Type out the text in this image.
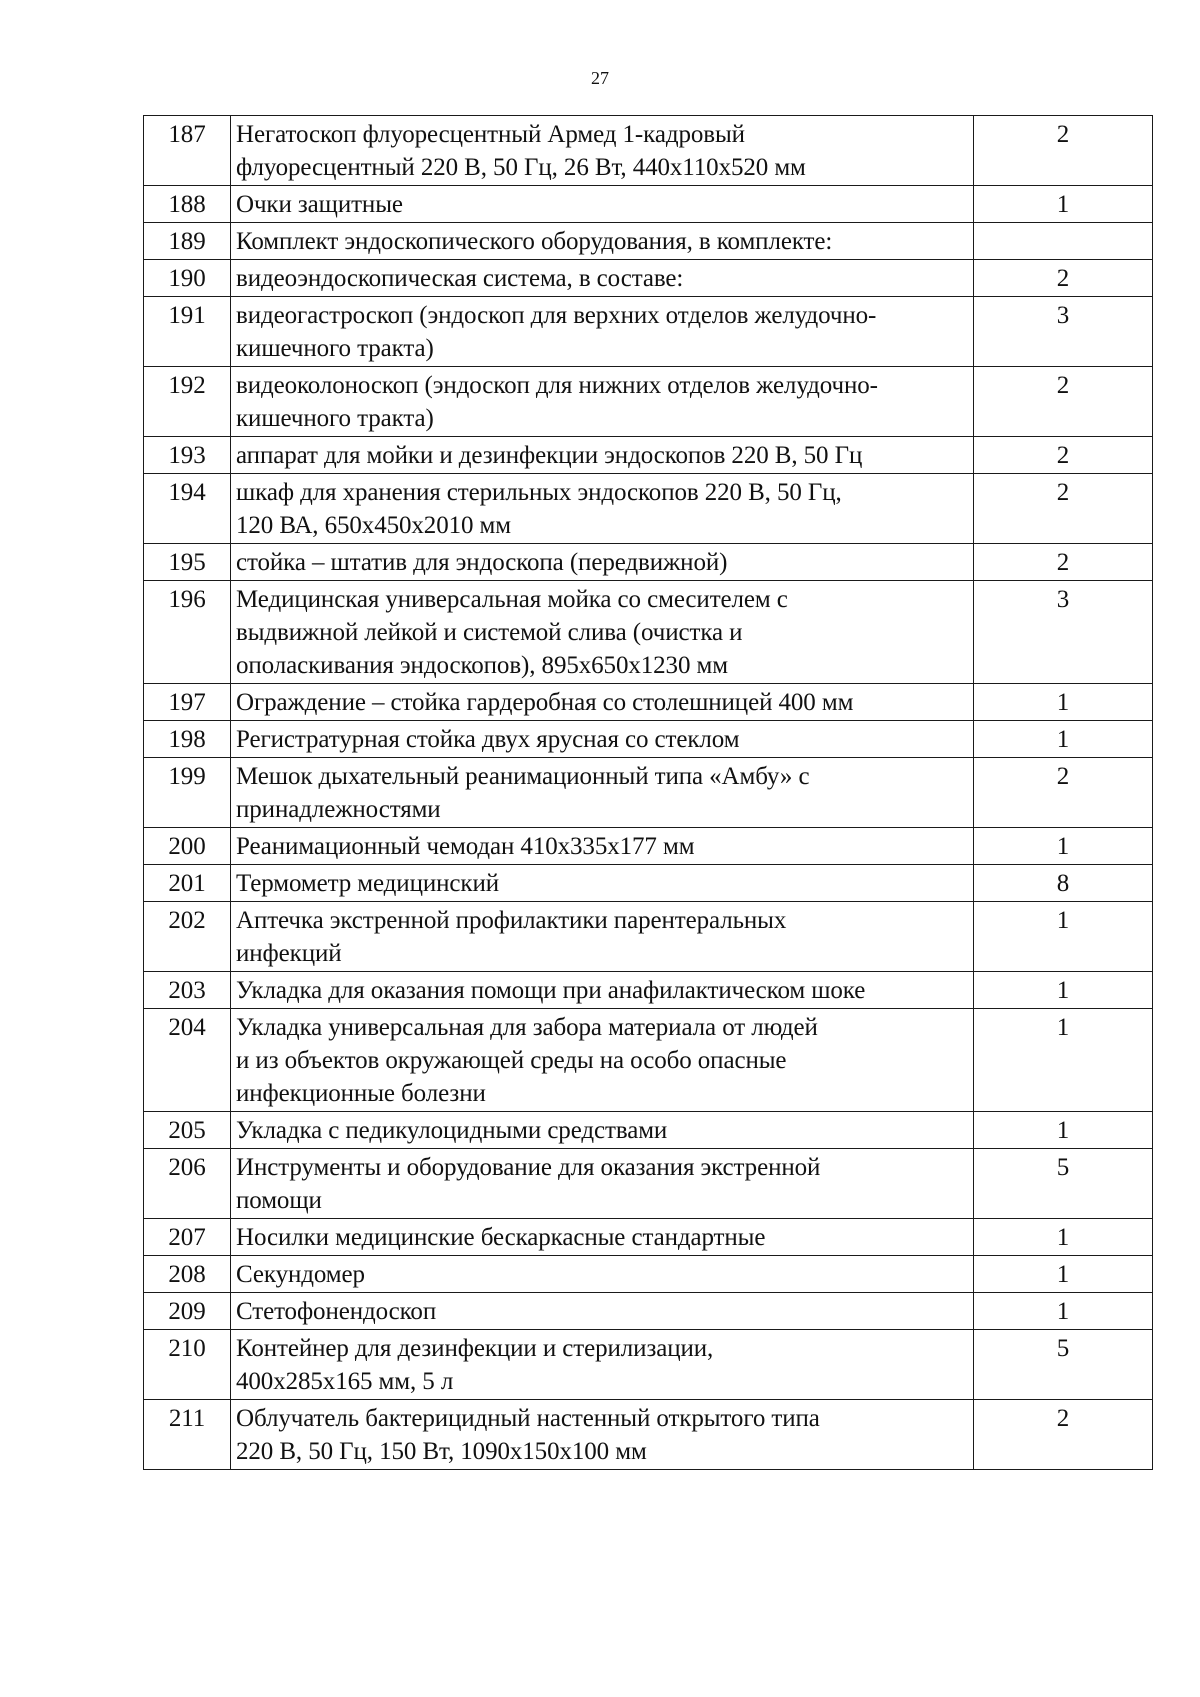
27
187	Негатоскоп флуоресцентный Армед 1-кадровый
флуоресцентный 220 В, 50 Гц, 26 Вт, 440х110х520 мм	2
188	Очки защитные	1
189	Комплект эндоскопического оборудования, в комплекте:	
190	видеоэндоскопическая система, в составе:	2
191	видеогастроскоп (эндоскоп для верхних отделов желудочно-
кишечного тракта)	3
192	видеоколоноскоп (эндоскоп для нижних отделов желудочно-
кишечного тракта)	2
193	аппарат для мойки и дезинфекции эндоскопов 220 В, 50 Гц	2
194	шкаф для хранения стерильных эндоскопов 220 В, 50 Гц,
120 ВА, 650х450х2010 мм	2
195	стойка – штатив для эндоскопа (передвижной)	2
196	Медицинская универсальная мойка со смесителем с
выдвижной лейкой и системой слива (очистка и
ополаскивания эндоскопов), 895х650х1230 мм	3
197	Ограждение – стойка гардеробная со столешницей 400 мм	1
198	Регистратурная стойка двух ярусная со стеклом	1
199	Мешок дыхательный реанимационный типа «Амбу» с
принадлежностями	2
200	Реанимационный чемодан 410х335х177 мм	1
201	Термометр медицинский	8
202	Аптечка экстренной профилактики парентеральных
инфекций	1
203	Укладка для оказания помощи при анафилактическом шоке	1
204	Укладка универсальная для забора материала от людей
и из объектов окружающей среды на особо опасные
инфекционные болезни	1
205	Укладка с педикулоцидными средствами	1
206	Инструменты и оборудование для оказания экстренной
помощи	5
207	Носилки медицинские бескаркасные стандартные	1
208	Секундомер	1
209	Стетофонендоскоп	1
210	Контейнер для дезинфекции и стерилизации,
400х285х165 мм, 5 л	5
211	Облучатель бактерицидный настенный открытого типа
220 В, 50 Гц, 150 Вт, 1090х150х100 мм	2
